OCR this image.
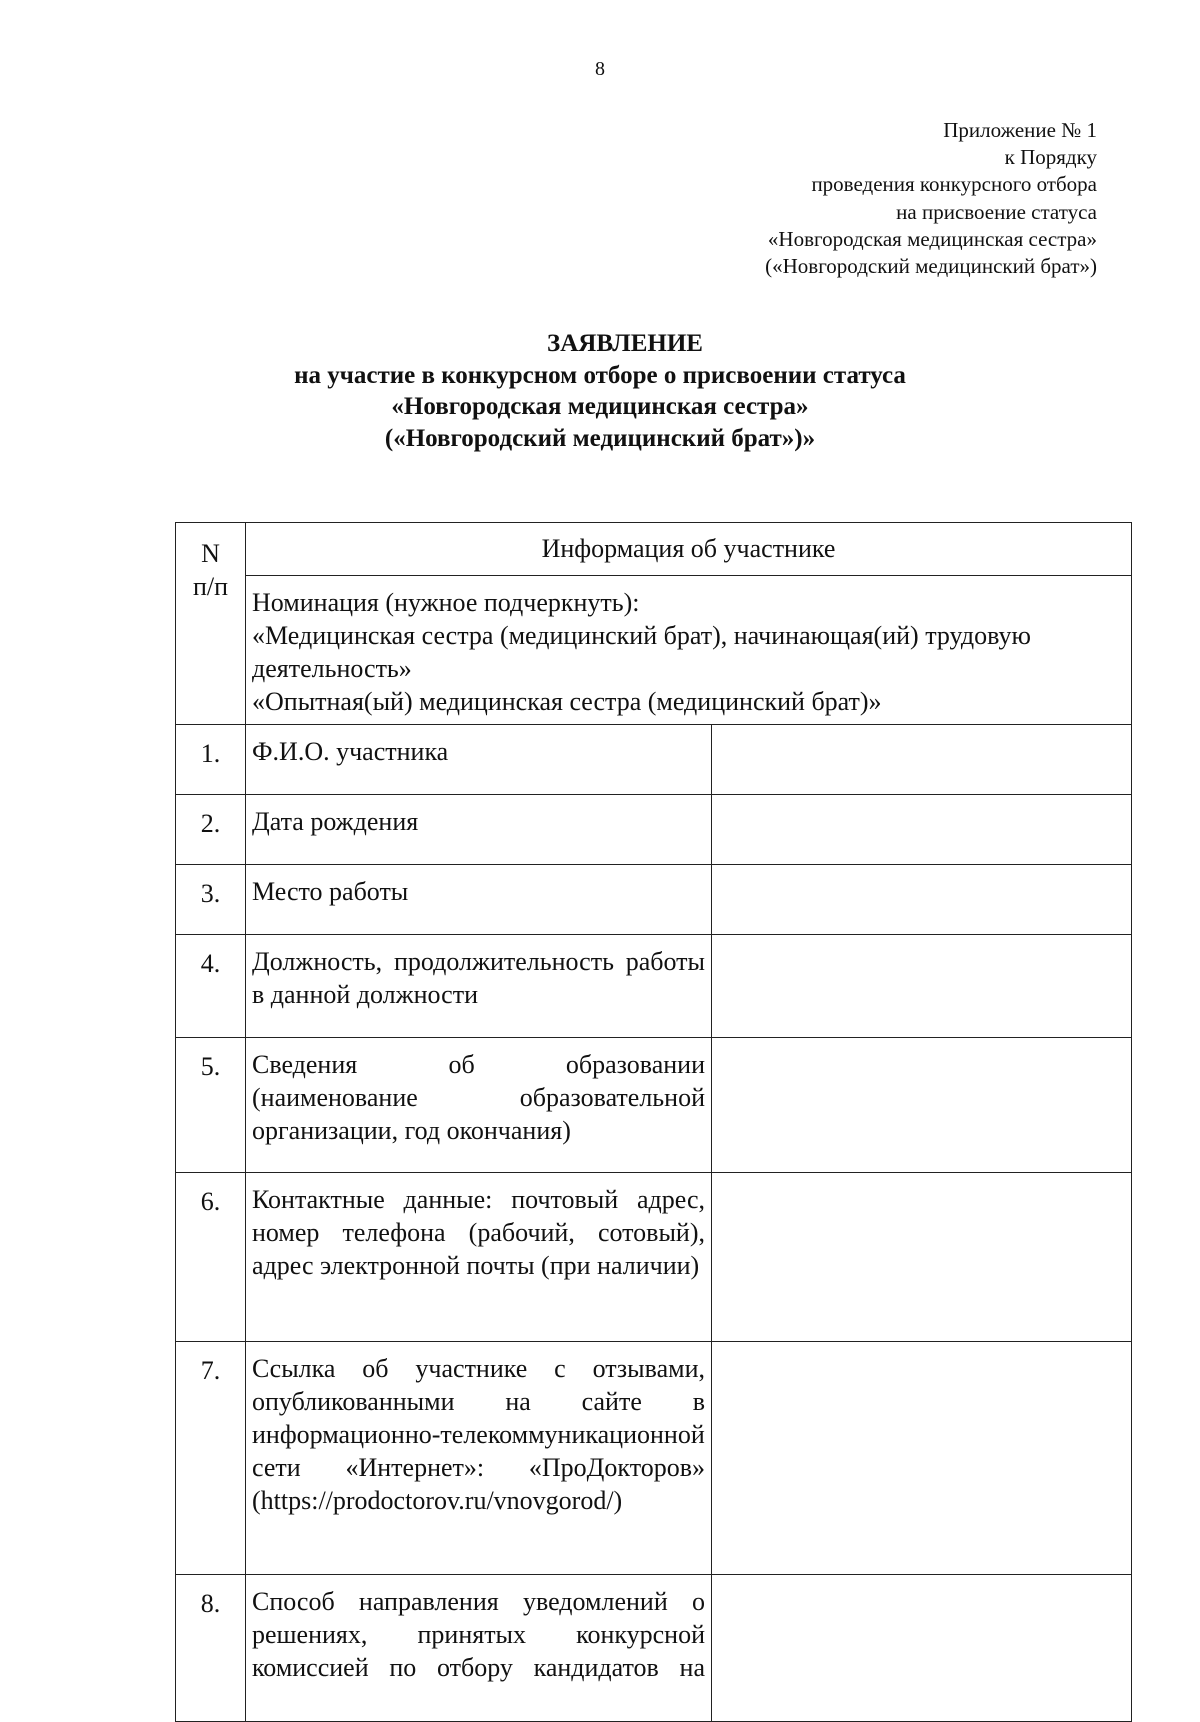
8
Приложение № 1
к Порядку
проведения конкурсного отбора
на присвоение статуса
«Новгородская медицинская сестра»
(«Новгородский медицинский брат»)
ЗАЯВЛЕНИЕ
на участие в конкурсном отборе о присвоении статуса
«Новгородская медицинская сестра»
(«Новгородский медицинский брат»)»
N
п/п	Информация об участнике	

	Номинация (нужное подчеркнуть):
«Медицинская сестра (медицинский брат), начинающая(ий) трудовую деятельность»
«Опытная(ый) медицинская сестра (медицинский брат)»	

1.	Ф.И.О. участника	
2.	Дата рождения	
3.	Место работы	
4.	Должность, продолжительность работы в данной должности	
5.	Сведения об образовании (наименование образовательной организации, год окончания)	
6.	Контактные данные: почтовый адрес, номер телефона (рабочий, сотовый), адрес электронной почты (при наличии)	
7.	Ссылка об участнике с отзывами, опубликованными на сайте в информационно-телекоммуникационной сети «Интернет»: «ПроДокторов» (https://prodoctorov.ru/vnovgorod/)	
8.	Способ направления уведомлений о решениях, принятых конкурсной комиссией по отбору кандидатов на	
